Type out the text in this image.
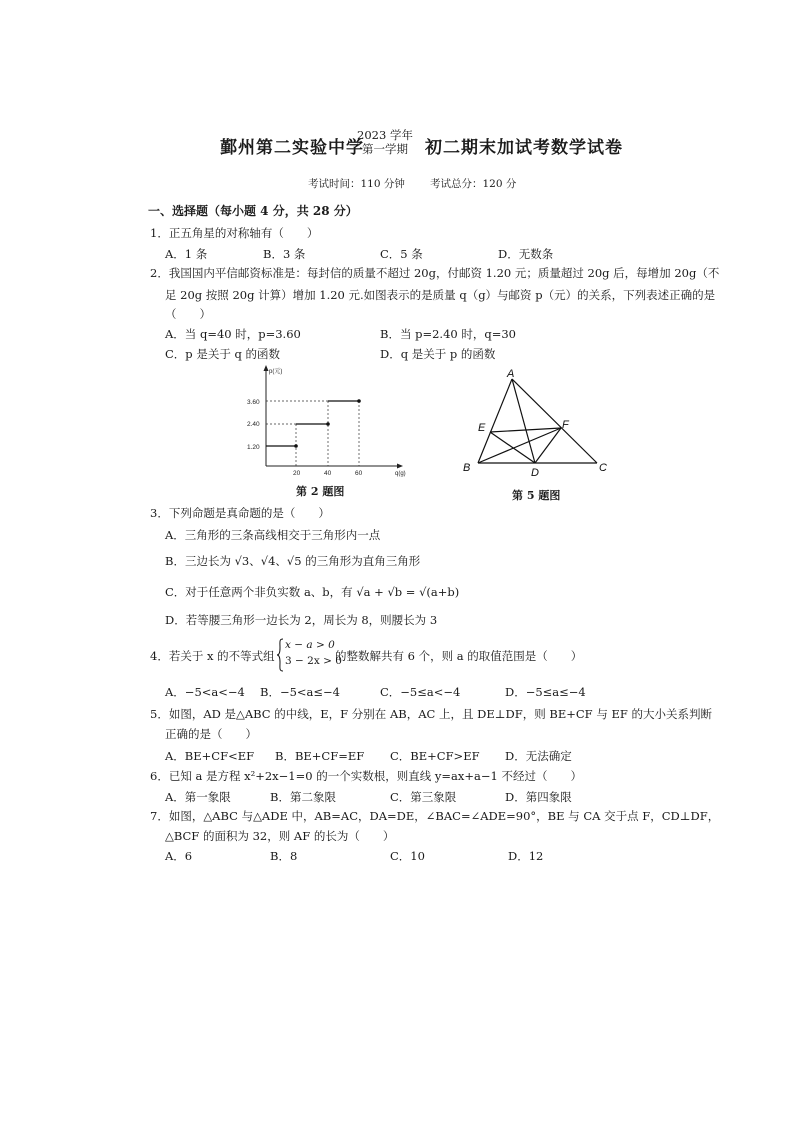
鄞州第二实验中学
2023 学年
第一学期	初二期末加试考数学试卷
考试时间：110 分钟 考试总分：120 分
一、选择题（每小题 4 分，共 28 分）
1．正五角星的对称轴有（　　）
A．1 条	B．3 条	C．5 条	D．无数条
2．我国国内平信邮资标准是：每封信的质量不超过 20g，付邮资 1.20 元；质量超过 20g 后，每增加 20g（不
足 20g 按照 20g 计算）增加 1.20 元.如图表示的是质量 q（g）与邮资 p（元）的关系，下列表述正确的是
（　　）
A．当 q=40 时，p=3.60	B．当 p=2.40 时，q=30
C．p 是关于 q 的函数	D．q 是关于 p 的函数
p(元)
q(g)
3.60
2.40
1.20
20	40	60
第 2 题图
A
E	F
B	D	C
第 5 题图
3．下列命题是真命题的是（　　）
A．三角形的三条高线相交于三角形内一点
B．三边长为 √3、√4、√5 的三角形为直角三角形
C．对于任意两个非负实数 a、b，有 √a + √b = √(a+b)
D．若等腰三角形一边长为 2，周长为 8，则腰长为 3
4．若关于 x 的不等式组
x − a > 0
3 − 2x > 0
的整数解共有 6 个，则 a 的取值范围是（　　）
A．−5<a<−4 B．−5<a≤−4	C．−5≤a<−4	D．−5≤a≤−4
5．如图，AD 是△ABC 的中线，E，F 分别在 AB，AC 上，且 DE⊥DF，则 BE+CF 与 EF 的大小关系判断
正确的是（　　）
A．BE+CF<EF B．BE+CF=EF C．BE+CF>EF D．无法确定
6．已知 a 是方程 x²+2x−1=0 的一个实数根，则直线 y=ax+a−1 不经过（　　）
A．第一象限	B．第二象限	C．第三象限	D．第四象限
7．如图，△ABC 与△ADE 中，AB=AC，DA=DE，∠BAC=∠ADE=90°，BE 与 CA 交于点 F，CD⊥DF，
△BCF 的面积为 32，则 AF 的长为（　　）
A．6	B．8	C．10	D．12
